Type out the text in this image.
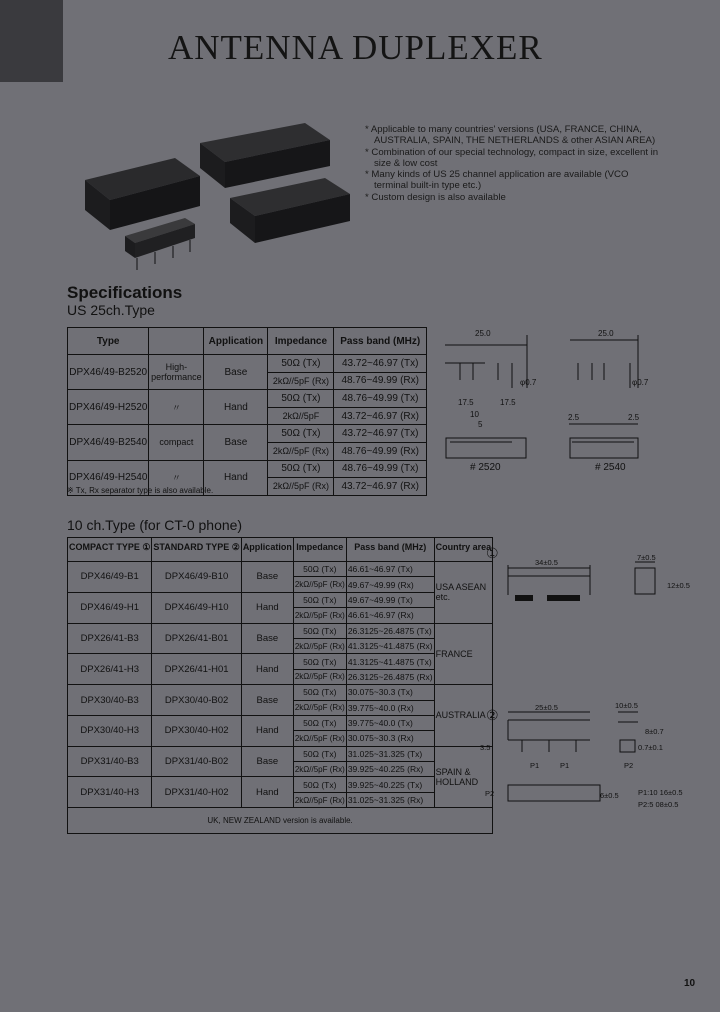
ANTENNA DUPLEXER
* Applicable to many countries' versions (USA, FRANCE, CHINA, AUSTRALIA, SPAIN, THE NETHERLANDS & other ASIAN AREA)
* Combination of our special technology, compact in size, excellent in size & low cost
* Many kinds of US 25 channel application are available (VCO terminal built-in type etc.)
* Custom design is also available
Specifications
US 25ch.Type
Type		Application	Impedance	Pass band (MHz)
DPX46/49-B2520	High-performance	Base	50Ω (Tx)	43.72~46.97 (Tx)
			2kΩ//5pF (Rx)	48.76~49.99 (Rx)
DPX46/49-H2520	〃	Hand	50Ω (Tx)	48.76~49.99 (Tx)
			2kΩ//5pF	43.72~46.97 (Rx)
DPX46/49-B2540	compact	Base	50Ω (Tx)	43.72~46.97 (Tx)
			2kΩ//5pF (Rx)	48.76~49.99 (Rx)
DPX46/49-H2540	〃	Hand	50Ω (Tx)	48.76~49.99 (Tx)
			2kΩ//5pF (Rx)	43.72~46.97 (Rx)
※ Tx, Rx separator type is also available.
10 ch.Type (for CT-0 phone)
COMPACT TYPE ①	STANDARD TYPE ②	Application	Impedance	Pass band (MHz)	Country area
DPX46/49-B1	DPX46/49-B10	Base	50Ω (Tx)	46.61~46.97 (Tx)	USA ASEAN etc.
			2kΩ//5pF (Rx)	49.67~49.99 (Rx)	
DPX46/49-H1	DPX46/49-H10	Hand	50Ω (Tx)	49.67~49.99 (Tx)	
			2kΩ//5pF (Rx)	46.61~46.97 (Rx)	
DPX26/41-B3	DPX26/41-B01	Base	50Ω (Tx)	26.3125~26.4875 (Tx)	FRANCE
			2kΩ//5pF (Rx)	41.3125~41.4875 (Rx)	
DPX26/41-H3	DPX26/41-H01	Hand	50Ω (Tx)	41.3125~41.4875 (Tx)	
			2kΩ//5pF (Rx)	26.3125~26.4875 (Rx)	
DPX30/40-B3	DPX30/40-B02	Base	50Ω (Tx)	30.075~30.3 (Tx)	AUSTRALIA
			2kΩ//5pF (Rx)	39.775~40.0 (Rx)	
DPX30/40-H3	DPX30/40-H02	Hand	50Ω (Tx)	39.775~40.0 (Tx)	
			2kΩ//5pF (Rx)	30.075~30.3 (Rx)	
DPX31/40-B3	DPX31/40-B02	Base	50Ω (Tx)	31.025~31.325 (Tx)	SPAIN & HOLLAND
			2kΩ//5pF (Rx)	39.925~40.225 (Rx)	
DPX31/40-H3	DPX31/40-H02	Hand	50Ω (Tx)	39.925~40.225 (Tx)	
			2kΩ//5pF (Rx)	31.025~31.325 (Rx)	
UK, NEW ZEALAND version is available.					
25.0	25.0
17.5	17.5
10
5
2.5	2.5
φ0.7	φ0.7
# 2520	# 2540
①
34±0.5
7±0.5
12±0.5
②	25±0.5	10±0.5
8±0.7
0.7±0.1
3.5
P1	P1	P2
P2	6±0.5	P1:10 16±0.5
P2:5 08±0.5
10
